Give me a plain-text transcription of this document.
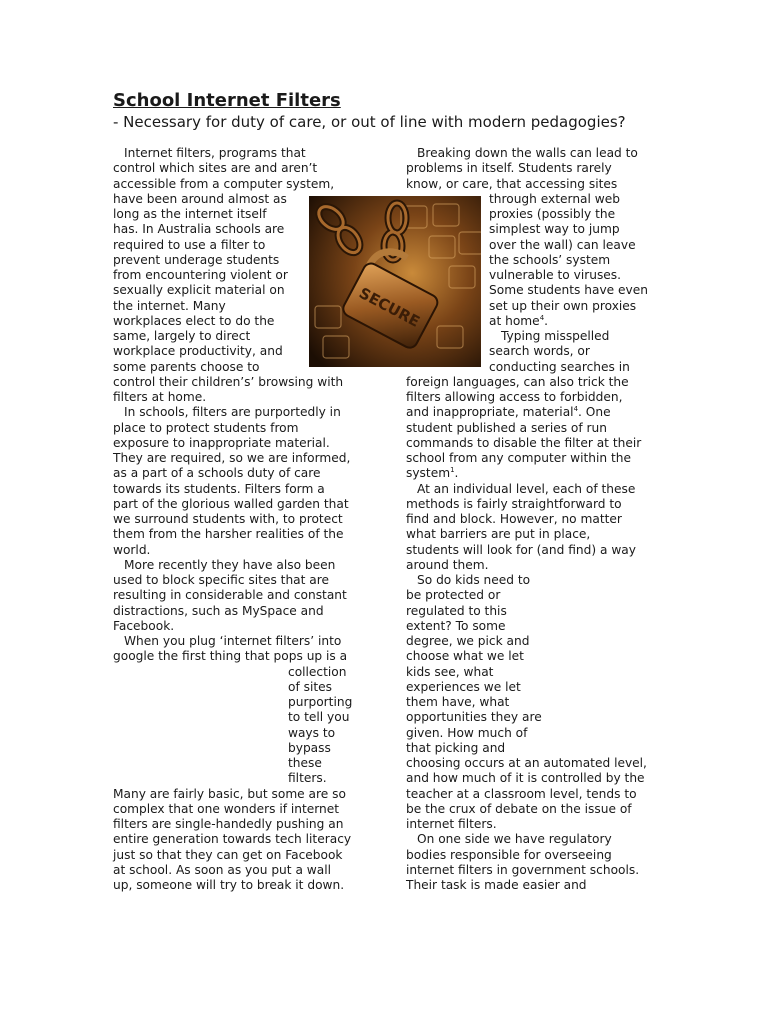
School Internet Filters

- Necessary for duty of care, or out of line with modern pedagogies?

SECURE
Internet filters, programs that
control which sites are and aren’t
accessible from a computer system,
have been around almost as
long as the internet itself
has. In Australia schools are
required to use a filter to
prevent underage students
from encountering violent or
sexually explicit material on
the internet. Many
workplaces elect to do the
same, largely to direct
workplace productivity, and
some parents choose to
control their children’s’ browsing with
filters at home.
In schools, filters are purportedly in
place to protect students from
exposure to inappropriate material.
They are required, so we are informed,
as a part of a schools duty of care
towards its students. Filters form a
part of the glorious walled garden that
we surround students with, to protect
them from the harsher realities of the
world.
More recently they have also been
used to block specific sites that are
resulting in considerable and constant
distractions, such as MySpace and
Facebook.
When you plug ‘internet filters’ into
google the first thing that pops up is a
collection
of sites
purporting
to tell you
ways to
bypass
these
filters.
Many are fairly basic, but some are so
complex that one wonders if internet
filters are single-handedly pushing an
entire generation towards tech literacy
just so that they can get on Facebook
at school. As soon as you put a wall
up, someone will try to break it down.
Breaking down the walls can lead to
problems in itself. Students rarely
know, or care, that accessing sites
through external web
proxies (possibly the
simplest way to jump
over the wall) can leave
the schools’ system
vulnerable to viruses.
Some students have even
set up their own proxies
at home$^4$.
Typing misspelled
search words, or
conducting searches in
foreign languages, can also trick the
filters allowing access to forbidden,
and inappropriate, material$^4$. One
student published a series of run
commands to disable the filter at their
school from any computer within the
system$^1$.
At an individual level, each of these
methods is fairly straightforward to
find and block. However, no matter
what barriers are put in place,
students will look for (and find) a way
around them.
So do kids need to
be protected or
regulated to this
extent? To some
degree, we pick and
choose what we let
kids see, what
experiences we let
them have, what
opportunities they are
given. How much of
that picking and
choosing occurs at an automated level,
and how much of it is controlled by the
teacher at a classroom level, tends to
be the crux of debate on the issue of
internet filters.
On one side we have regulatory
bodies responsible for overseeing
internet filters in government schools.
Their task is made easier and
